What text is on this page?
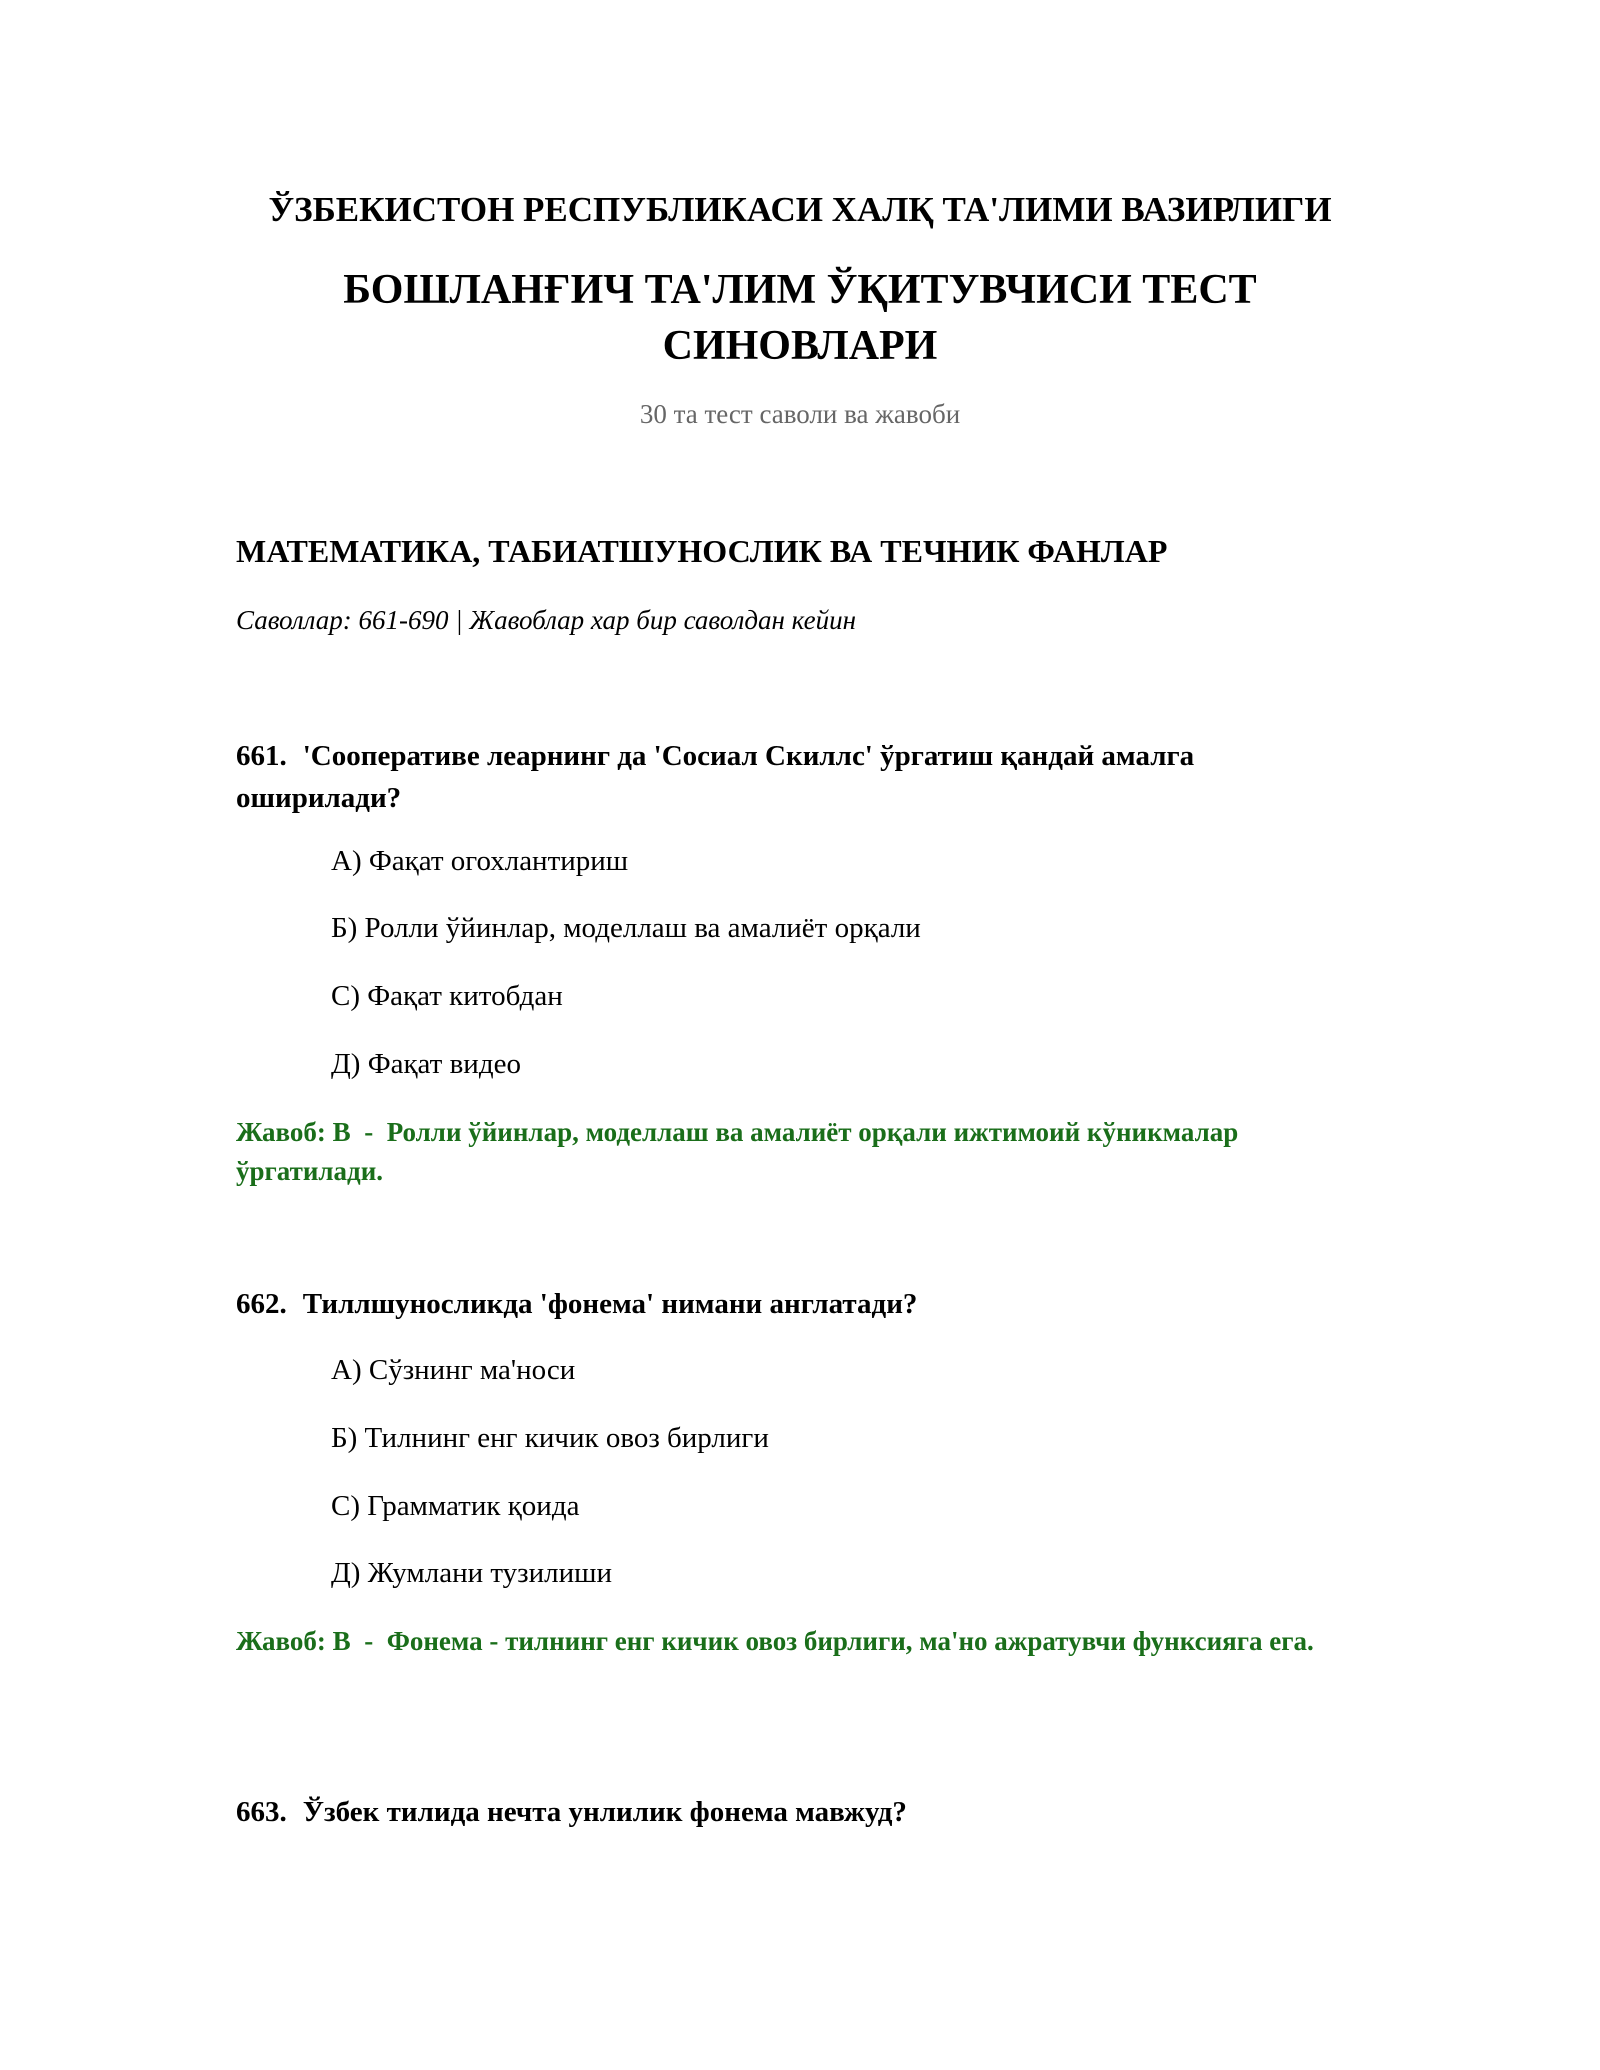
ЎЗБЕКИСТОН РЕСПУБЛИКАСИ ХАЛҚ ТА'ЛИМИ ВАЗИРЛИГИ
БОШЛАНҒИЧ ТА'ЛИМ ЎҚИТУВЧИСИ ТЕСТ
СИНОВЛАРИ
30 та тест саволи ва жавоби
МАТЕМАТИКА, ТАБИАТШУНОСЛИК ВА ТЕЧНИК ФАНЛАР
Саволлар: 661-690 | Жавоблар хар бир саволдан кейин
661. 'Сооперативе леарнинг да 'Сосиал Скиллс' ўргатиш қандай амалга оширилади?
А) Фақат огохлантириш
Б) Ролли ўйинлар, моделлаш ва амалиёт орқали
С) Фақат китобдан
Д) Фақат видео
Жавоб: В  -  Ролли ўйинлар, моделлаш ва амалиёт орқали ижтимоий кўникмалар ўргатилади.
662. Тиллшуносликда 'фонема' нимани англатади?
А) Сўзнинг ма'носи
Б) Тилнинг енг кичик овоз бирлиги
С) Грамматик қоида
Д) Жумлани тузилиши
Жавоб: В  -  Фонема - тилнинг енг кичик овоз бирлиги, ма'но ажратувчи функсияга ега.
663. Ўзбек тилида нечта унлилик фонема мавжуд?
